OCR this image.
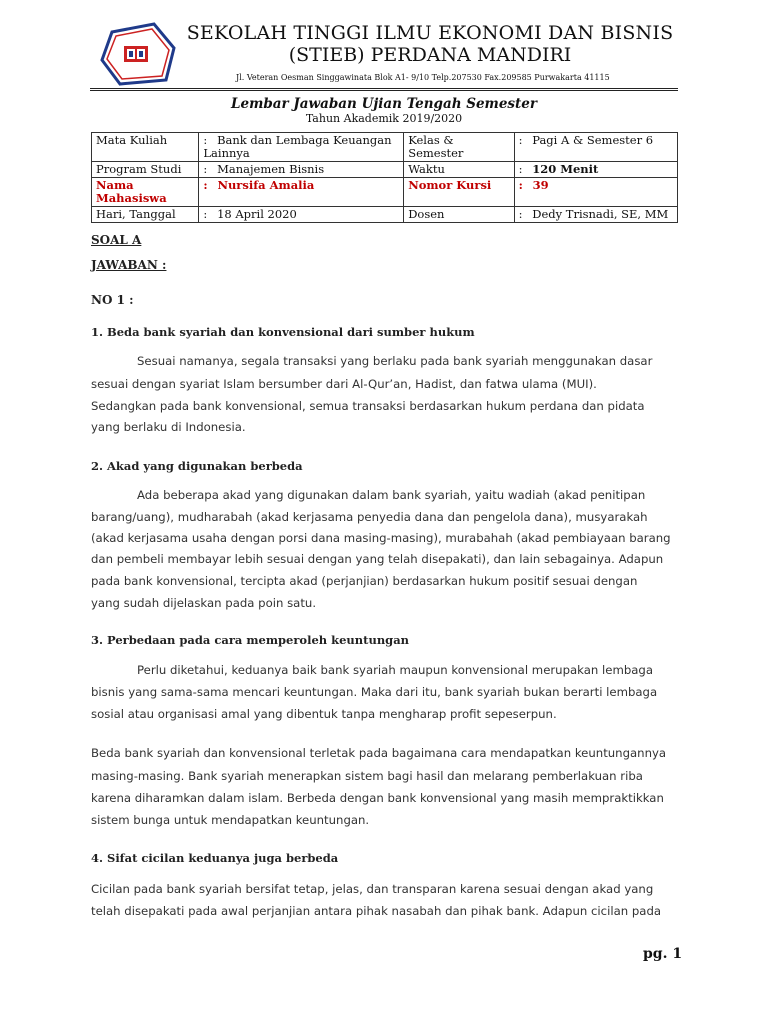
SEKOLAH TINGGI ILMU EKONOMI DAN BISNIS
(STIEB) PERDANA MANDIRI
Jl. Veteran Oesman Singgawinata Blok A1- 9/10 Telp.207530 Fax.209585 Purwakarta 41115
Lembar Jawaban Ujian Tengah Semester
Tahun Akademik 2019/2020
Mata Kuliah	: Bank dan Lembaga Keuangan Lainnya	Kelas & Semester	: Pagi A & Semester 6
Program Studi	: Manajemen Bisnis	Waktu	: 120 Menit
Nama Mahasiswa	: Nursifa Amalia	Nomor Kursi	: 39
Hari, Tanggal	: 18 April 2020	Dosen	: Dedy Trisnadi, SE, MM
SOAL A
JAWABAN :
NO 1 :
1. Beda bank syariah dan konvensional dari sumber hukum
Sesuai namanya, segala transaksi yang berlaku pada bank syariah menggunakan dasar
sesuai dengan syariat Islam bersumber dari Al-Qur’an, Hadist, dan fatwa ulama (MUI).
Sedangkan pada bank konvensional, semua transaksi berdasarkan hukum perdana dan pidata
yang berlaku di Indonesia.
2. Akad yang digunakan berbeda
Ada beberapa akad yang digunakan dalam bank syariah, yaitu wadiah (akad penitipan
barang/uang), mudharabah (akad kerjasama penyedia dana dan pengelola dana), musyarakah
(akad kerjasama usaha dengan porsi dana masing-masing), murabahah (akad pembiayaan barang
dan pembeli membayar lebih sesuai dengan yang telah disepakati), dan lain sebagainya. Adapun
pada bank konvensional, tercipta akad (perjanjian) berdasarkan hukum positif sesuai dengan
yang sudah dijelaskan pada poin satu.
3. Perbedaan pada cara memperoleh keuntungan
Perlu diketahui, keduanya baik bank syariah maupun konvensional merupakan lembaga
bisnis yang sama-sama mencari keuntungan. Maka dari itu, bank syariah bukan berarti lembaga
sosial atau organisasi amal yang dibentuk tanpa mengharap profit sepeserpun.
Beda bank syariah dan konvensional terletak pada bagaimana cara mendapatkan keuntungannya
masing-masing. Bank syariah menerapkan sistem bagi hasil dan melarang pemberlakuan riba
karena diharamkan dalam islam. Berbeda dengan bank konvensional yang masih mempraktikkan
sistem bunga untuk mendapatkan keuntungan.
4. Sifat cicilan keduanya juga berbeda
Cicilan pada bank syariah bersifat tetap, jelas, dan transparan karena sesuai dengan akad yang
telah disepakati pada awal perjanjian antara pihak nasabah dan pihak bank. Adapun cicilan pada
pg. 1
